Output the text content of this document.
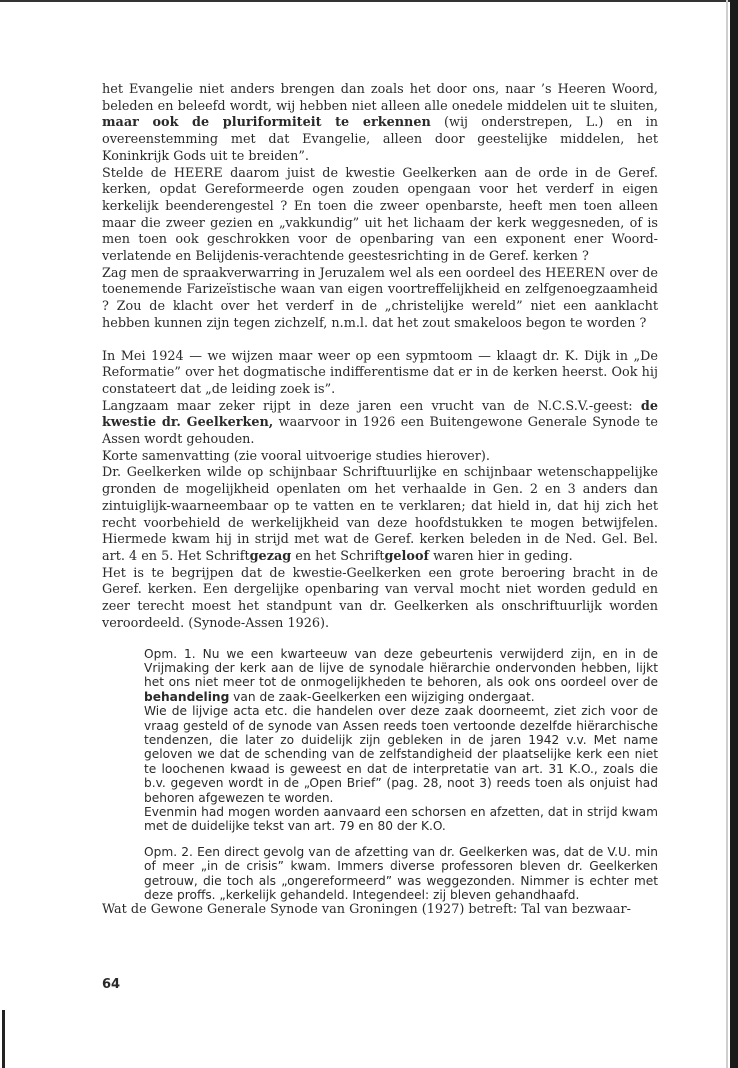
het Evangelie niet anders brengen dan zoals het door ons, naar ’s Heeren Woord, beleden en beleefd wordt, wij hebben niet alleen alle onedele middelen uit te sluiten, maar ook de pluriformiteit te erkennen (wij onderstrepen, L.) en in overeenstemming met dat Evangelie, alleen door geestelijke middelen, het Koninkrijk Gods uit te breiden”.

Stelde de HEERE daarom juist de kwestie Geelkerken aan de orde in de Geref. kerken, opdat Gereformeerde ogen zouden opengaan voor het verderf in eigen kerkelijk beenderengestel ? En toen die zweer openbarste, heeft men toen alleen maar die zweer gezien en „vakkundig” uit het lichaam der kerk weggesneden, of is men toen ook geschrokken voor de openbaring van een exponent ener Woord-verlatende en Belijdenis-verachtende geestesrichting in de Geref. kerken ?

Zag men de spraakverwarring in Jeruzalem wel als een oordeel des HEEREN over de toenemende Farizeïstische waan van eigen voortreffelijkheid en zelfgenoegzaamheid ? Zou de klacht over het verderf in de „christelijke wereld” niet een aanklacht hebben kunnen zijn tegen zichzelf, n.m.l. dat het zout smakeloos begon te worden ?

In Mei 1924 — we wijzen maar weer op een sypmtoom — klaagt dr. K. Dijk in „De Reformatie” over het dogmatische indifferentisme dat er in de kerken heerst. Ook hij constateert dat „de leiding zoek is”.

Langzaam maar zeker rijpt in deze jaren een vrucht van de N.C.S.V.-geest: de kwestie dr. Geelkerken, waarvoor in 1926 een Buitengewone Generale Synode te Assen wordt gehouden.

Korte samenvatting (zie vooral uitvoerige studies hierover).

Dr. Geelkerken wilde op schijnbaar Schriftuurlijke en schijnbaar wetenschappelijke gronden de mogelijkheid openlaten om het verhaalde in Gen. 2 en 3 anders dan zintuiglijk-waarneembaar op te vatten en te verklaren; dat hield in, dat hij zich het recht voorbehield de werkelijkheid van deze hoofdstukken te mogen betwijfelen. Hiermede kwam hij in strijd met wat de Geref. kerken beleden in de Ned. Gel. Bel. art. 4 en 5. Het Schriftgezag en het Schriftgeloof waren hier in geding.

Het is te begrijpen dat de kwestie-Geelkerken een grote beroering bracht in de Geref. kerken. Een dergelijke openbaring van verval mocht niet worden geduld en zeer terecht moest het standpunt van dr. Geelkerken als onschriftuurlijk worden veroordeeld. (Synode-Assen 1926).

Opm. 1. Nu we een kwarteeuw van deze gebeurtenis verwijderd zijn, en in de Vrijmaking der kerk aan de lijve de synodale hiërarchie ondervonden hebben, lijkt het ons niet meer tot de onmogelijkheden te behoren, als ook ons oordeel over de behandeling van de zaak-Geelkerken een wijziging ondergaat.

Wie de lijvige acta etc. die handelen over deze zaak doorneemt, ziet zich voor de vraag gesteld of de synode van Assen reeds toen vertoonde dezelfde hiërarchische tendenzen, die later zo duidelijk zijn gebleken in de jaren 1942 v.v. Met name geloven we dat de schending van de zelfstandigheid der plaatselijke kerk een niet te loochenen kwaad is geweest en dat de interpretatie van art. 31 K.O., zoals die b.v. gegeven wordt in de „Open Brief” (pag. 28, noot 3) reeds toen als onjuist had behoren afgewezen te worden.

Evenmin had mogen worden aanvaard een schorsen en afzetten, dat in strijd kwam met de duidelijke tekst van art. 79 en 80 der K.O.

Opm. 2. Een direct gevolg van de afzetting van dr. Geelkerken was, dat de V.U. min of meer „in de crisis” kwam. Immers diverse professoren bleven dr. Geelkerken getrouw, die toch als „ongereformeerd” was weggezonden. Nimmer is echter met deze proffs. „kerkelijk gehandeld. Integendeel: zij bleven gehandhaafd.

Wat de Gewone Generale Synode van Groningen (1927) betreft: Tal van bezwaar-

64
